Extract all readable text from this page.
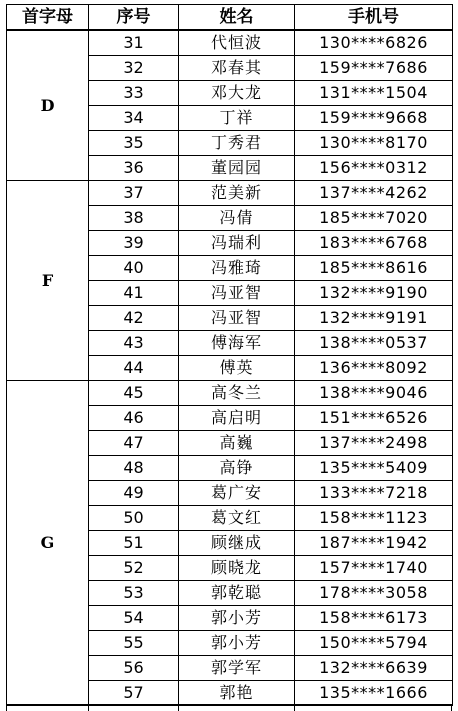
首字母	序号	姓名	手机号
D	31	代恒波	130****6826
	32	邓春其	159****7686
	33	邓大龙	131****1504
	34	丁祥	159****9668
	35	丁秀君	130****8170
	36	董园园	156****0312
F	37	范美新	137****4262
	38	冯倩	185****7020
	39	冯瑞利	183****6768
	40	冯雅琦	185****8616
	41	冯亚智	132****9190
	42	冯亚智	132****9191
	43	傅海军	138****0537
	44	傅英	136****8092
G	45	高冬兰	138****9046
	46	高启明	151****6526
	47	高巍	137****2498
	48	高铮	135****5409
	49	葛广安	133****7218
	50	葛文红	158****1123
	51	顾继成	187****1942
	52	顾晓龙	157****1740
	53	郭乾聪	178****3058
	54	郭小芳	158****6173
	55	郭小芳	150****5794
	56	郭学军	132****6639
	57	郭艳	135****1666
